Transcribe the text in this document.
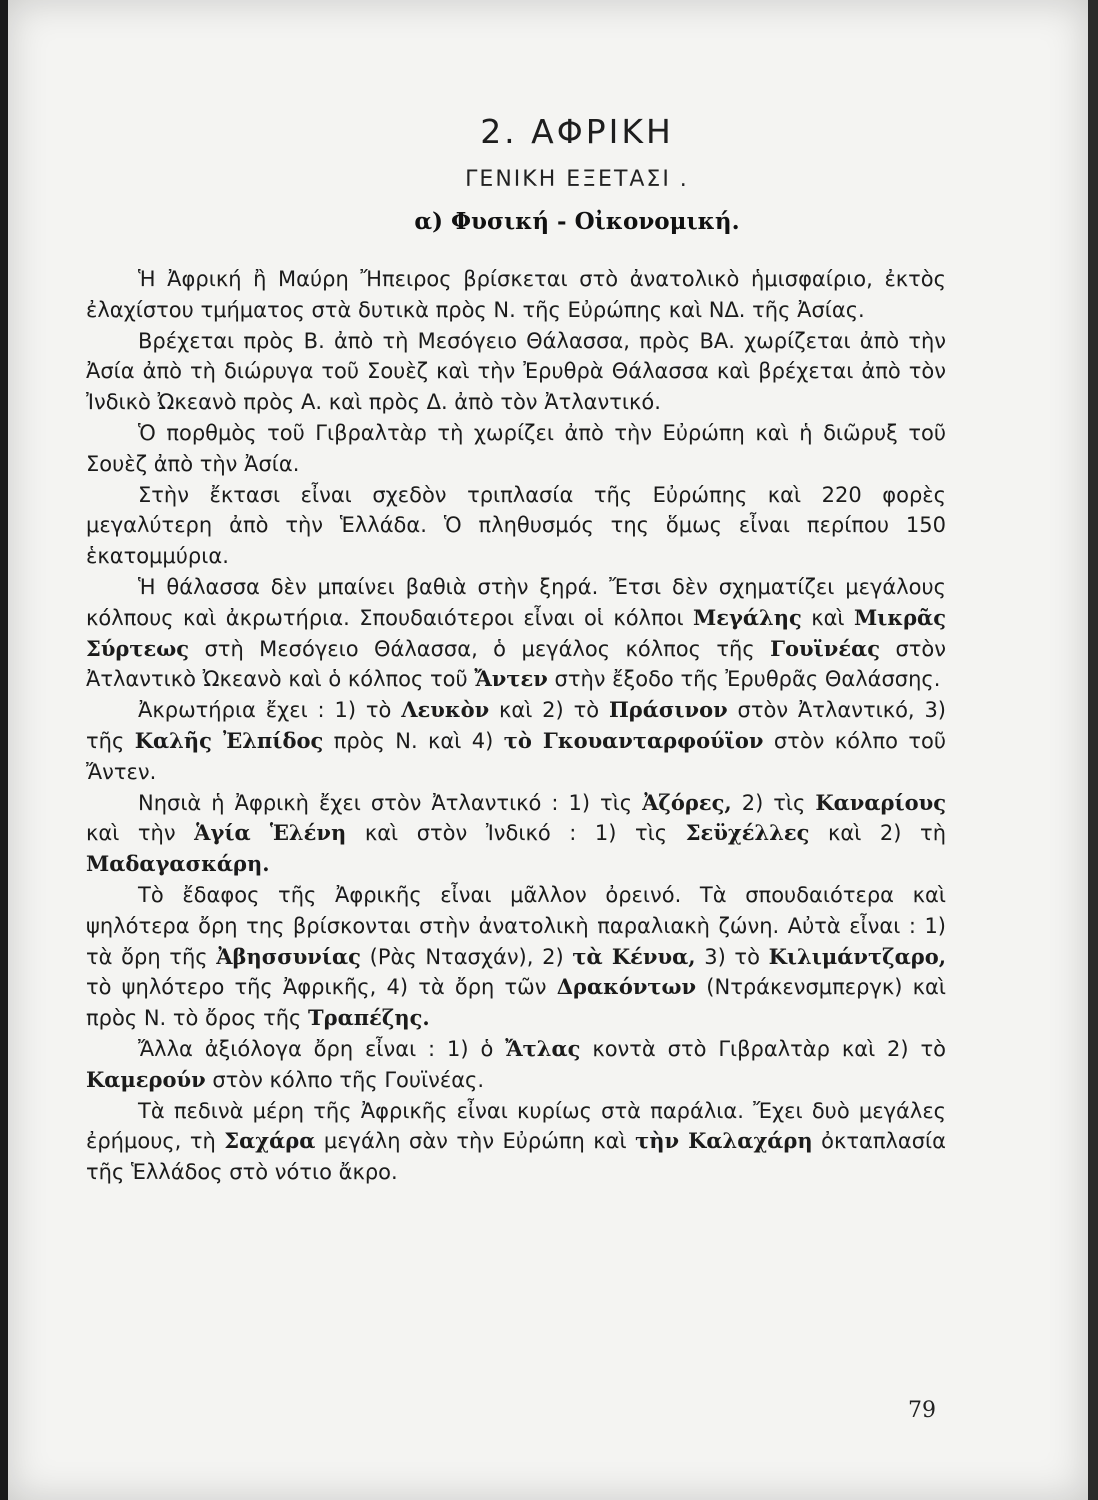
2. ΑΦΡΙΚΗ
ΓΕΝΙΚΗ ΕΞΕΤΑΣΙ .
α) Φυσική - Οἰκονομική.

Ἡ Ἀφρική ἢ Μαύρη Ἤπειρος βρίσκεται στὸ ἀνατολικὸ ἡμισφαίριο, ἐκτὸς ἐλαχίστου τμήματος στὰ δυτικὰ πρὸς Ν. τῆς Εὐρώπης καὶ ΝΔ. τῆς Ἀσίας.

Βρέχεται πρὸς Β. ἀπὸ τὴ Μεσόγειο Θάλασσα, πρὸς ΒΑ. χωρίζεται ἀπὸ τὴν Ἀσία ἀπὸ τὴ διώρυγα τοῦ Σουὲζ καὶ τὴν Ἐρυθρὰ Θάλασσα καὶ βρέχεται ἀπὸ τὸν Ἰνδικὸ Ὠκεανὸ πρὸς Α. καὶ πρὸς Δ. ἀπὸ τὸν Ἀτλαντικό.

Ὁ πορθμὸς τοῦ Γιβραλτὰρ τὴ χωρίζει ἀπὸ τὴν Εὐρώπη καὶ ἡ διῶρυξ τοῦ Σουὲζ ἀπὸ τὴν Ἀσία.

Στὴν ἔκτασι εἶναι σχεδὸν τριπλασία τῆς Εὐρώπης καὶ 220 φορὲς μεγαλύτερη ἀπὸ τὴν Ἑλλάδα. Ὁ πληθυσμός της ὅμως εἶναι περίπου 150 ἑκατομμύρια.

Ἡ θάλασσα δὲν μπαίνει βαθιὰ στὴν ξηρά. Ἔτσι δὲν σχηματίζει μεγάλους κόλπους καὶ ἀκρωτήρια. Σπουδαιότεροι εἶναι οἱ κόλποι Μεγάλης καὶ Μικρᾶς Σύρτεως στὴ Μεσόγειο Θάλασσα, ὁ μεγάλος κόλπος τῆς Γουϊνέας στὸν Ἀτλαντικὸ Ὠκεανὸ καὶ ὁ κόλπος τοῦ Ἄντεν στὴν ἔξοδο τῆς Ἐρυθρᾶς Θαλάσσης.

Ἀκρωτήρια ἔχει : 1) τὸ Λευκὸν καὶ 2) τὸ Πράσινον στὸν Ἀτλαντικό, 3) τῆς Καλῆς Ἐλπίδος πρὸς Ν. καὶ 4) τὸ Γκουανταρφούϊον στὸν κόλπο τοῦ Ἄντεν.

Νησιὰ ἡ Ἀφρικὴ ἔχει στὸν Ἀτλαντικό : 1) τὶς Ἀζόρες, 2) τὶς Καναρίους καὶ τὴν Ἁγία Ἑλένη καὶ στὸν Ἰνδικό : 1) τὶς Σεϋχέλλες καὶ 2) τὴ Μαδαγασκάρη.

Τὸ ἔδαφος τῆς Ἀφρικῆς εἶναι μᾶλλον ὀρεινό. Τὰ σπουδαιότερα καὶ ψηλότερα ὄρη της βρίσκονται στὴν ἀνατολικὴ παραλιακὴ ζώνη. Αὐτὰ εἶναι : 1) τὰ ὄρη τῆς Ἀβησσυνίας (Ρὰς Ντασχάν), 2) τὰ Κένυα, 3) τὸ Κιλιμάντζαρο, τὸ ψηλότερο τῆς Ἀφρικῆς, 4) τὰ ὄρη τῶν Δρακόντων (Ντράκενσμπεργκ) καὶ πρὸς Ν. τὸ ὄρος τῆς Τραπέζης.

Ἄλλα ἀξιόλογα ὄρη εἶναι : 1) ὁ Ἄτλας κοντὰ στὸ Γιβραλτὰρ καὶ 2) τὸ Καμερούν στὸν κόλπο τῆς Γουϊνέας.

Τὰ πεδινὰ μέρη τῆς Ἀφρικῆς εἶναι κυρίως στὰ παράλια. Ἔχει δυὸ μεγάλες ἐρήμους, τὴ Σαχάρα μεγάλη σὰν τὴν Εὐρώπη καὶ τὴν Καλαχάρη ὀκταπλασία τῆς Ἑλλάδος στὸ νότιο ἄκρο.

79
